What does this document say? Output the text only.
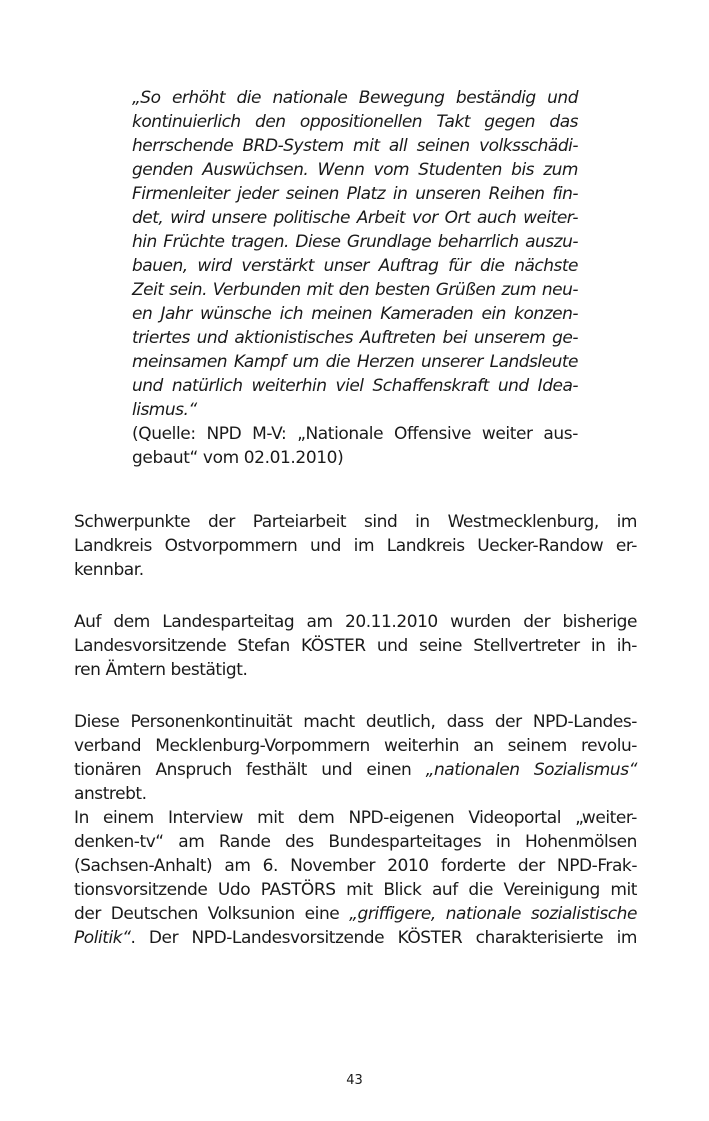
„So erhöht die nationale Bewegung beständig und
kontinuierlich den oppositionellen Takt gegen das
herrschende BRD-System mit all seinen volksschädi-
genden Auswüchsen. Wenn vom Studenten bis zum
Firmenleiter jeder seinen Platz in unseren Reihen fin-
det, wird unsere politische Arbeit vor Ort auch weiter-
hin Früchte tragen. Diese Grundlage beharrlich auszu-
bauen, wird verstärkt unser Auftrag für die nächste
Zeit sein. Verbunden mit den besten Grüßen zum neu-
en Jahr wünsche ich meinen Kameraden ein konzen-
triertes und aktionistisches Auftreten bei unserem ge-
meinsamen Kampf um die Herzen unserer Landsleute
und natürlich weiterhin viel Schaffenskraft und Idea-
lismus.“
(Quelle: NPD M-V: „Nationale Offensive weiter aus-
gebaut“ vom 02.01.2010)
Schwerpunkte der Parteiarbeit sind in Westmecklenburg, im
Landkreis Ostvorpommern und im Landkreis Uecker-Randow er-
kennbar.
Auf dem Landesparteitag am 20.11.2010 wurden der bisherige
Landesvorsitzende Stefan KÖSTER und seine Stellvertreter in ih-
ren Ämtern bestätigt.
Diese Personenkontinuität macht deutlich, dass der NPD-Landes-
verband Mecklenburg-Vorpommern weiterhin an seinem revolu-
tionären Anspruch festhält und einen „nationalen Sozialismus“
anstrebt.
In einem Interview mit dem NPD-eigenen Videoportal „weiter-
denken-tv“ am Rande des Bundesparteitages in Hohenmölsen
(Sachsen-Anhalt) am 6. November 2010 forderte der NPD-Frak-
tionsvorsitzende Udo PASTÖRS mit Blick auf die Vereinigung mit
der Deutschen Volksunion eine „griffigere, nationale sozialistische
Politik“. Der NPD-Landesvorsitzende KÖSTER charakterisierte im
43
